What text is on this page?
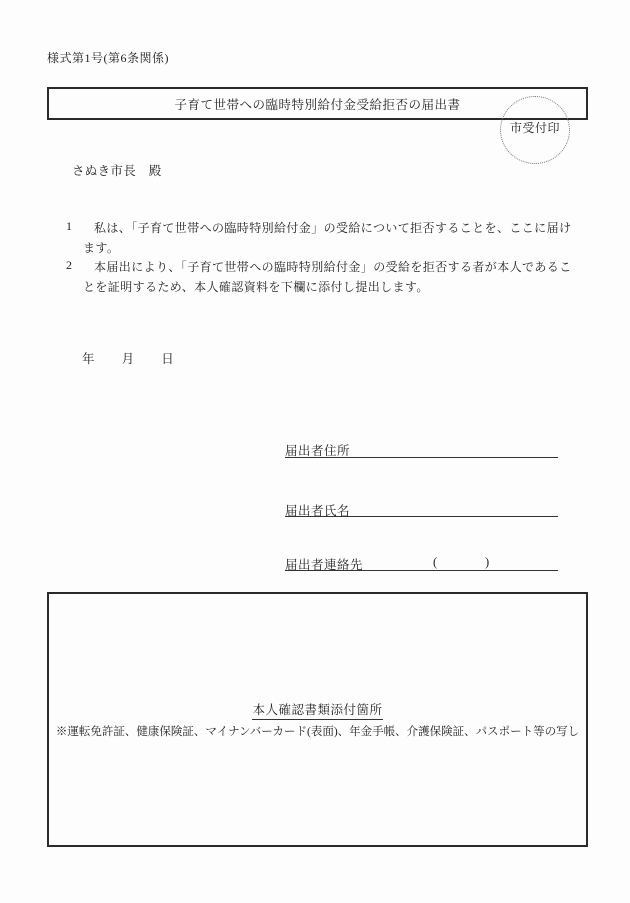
様式第1号(第6条関係)
市受付印
子育て世帯への臨時特別給付金受給拒否の届出書
さぬき市長　殿
1	私は、「子育て世帯への臨時特別給付金」の受給について拒否することを、ここに届け
ます。
2	本届出により、「子育て世帯への臨時特別給付金」の受給を拒否する者が本人であるこ
とを証明するため、本人確認資料を下欄に添付し提出します。
年 月 日
届出者住所
届出者氏名
届出者連絡先	(	)
本人確認書類添付箇所
※運転免許証、健康保険証、マイナンバーカード(表面)、年金手帳、介護保険証、パスポート等の写し
